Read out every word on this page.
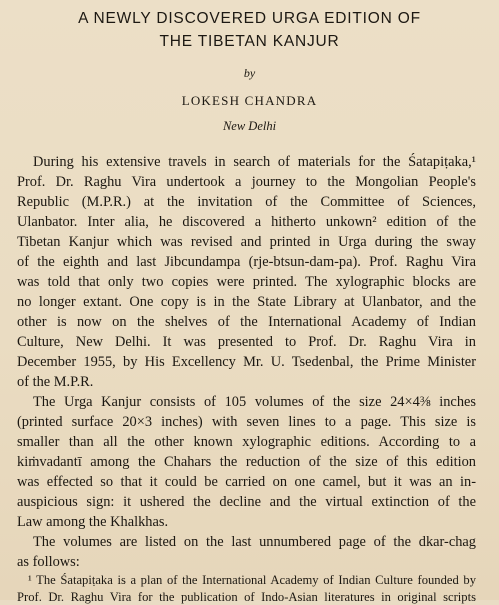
A NEWLY DISCOVERED URGA EDITION OF
THE TIBETAN KANJUR
by
LOKESH CHANDRA
New Delhi
During his extensive travels in search of materials for the Śatapiṭaka,¹
Prof. Dr. Raghu Vira undertook a journey to the Mongolian People's
Republic (M.P.R.) at the invitation of the Committee of Sciences,
Ulanbator. Inter alia, he discovered a hitherto unkown² edition of the
Tibetan Kanjur which was revised and printed in Urga during the sway
of the eighth and last Jibcundampa (rje-btsun-dam-pa). Prof. Raghu Vira
was told that only two copies were printed. The xylographic blocks are
no longer extant. One copy is in the State Library at Ulanbator, and the
other is now on the shelves of the International Academy of Indian
Culture, New Delhi. It was presented to Prof. Dr. Raghu Vira in
December 1955, by His Excellency Mr. U. Tsedenbal, the Prime Minister
of the M.P.R.
The Urga Kanjur consists of 105 volumes of the size 24×4⅜ inches
(printed surface 20×3 inches) with seven lines to a page. This size is
smaller than all the other known xylographic editions. According to a
kiṁvadantī among the Chahars the reduction of the size of this edition
was effected so that it could be carried on one camel, but it was an in-
auspicious sign: it ushered the decline and the virtual extinction of the
Law among the Khalkhas.
The volumes are listed on the last unnumbered page of the dkar-chag
as follows:
¹ The Śatapiṭaka is a plan of the International Academy of Indian Culture founded by
Prof. Dr. Raghu Vira for the publication of Indo-Asian literatures in original scripts
